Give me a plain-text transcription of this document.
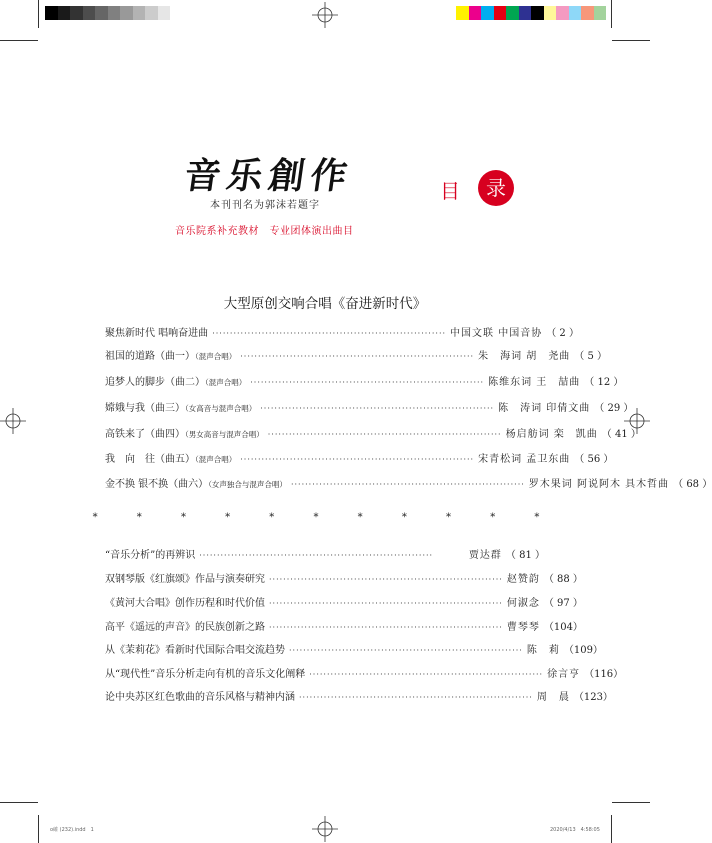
音乐創作
本刊刊名为郭沫若题字
音乐院系补充教材　专业团体演出曲目
目	录
大型原创交响合唱《奋进新时代》
聚焦新时代 唱响奋进曲 ·································································· 中国文联 中国音协 （ 2 ）
祖国的道路（曲一）（混声合唱） ·································································· 朱　海词 胡　尧曲 （ 5 ）
追梦人的脚步（曲二）（混声合唱） ·································································· 陈维东词 王　喆曲 （ 12 ）
嫦娥与我（曲三）（女高音与混声合唱） ·································································· 陈　涛词 印倩文曲 （ 29 ）
高铁来了（曲四）（男女高音与混声合唱） ·································································· 杨启舫词 栾　凯曲 （ 41 ）
我　向　往（曲五）（混声合唱） ·································································· 宋青松词 孟卫东曲 （ 56 ）
金不换 银不换（曲六）（女声独合与混声合唱） ·································································· 罗木果词 阿说阿木 具木哲曲 （ 68 ）
* * * * * * * * * * *
“音乐分析”的再辨识 ··································································	贾达群 （ 81 ）
双钢琴版《红旗颂》作品与演奏研究 ·································································· 赵赞韵 （ 88 ）
《黄河大合唱》创作历程和时代价值 ·································································· 何淑念 （ 97 ）
高平《遥远的声音》的民族创新之路 ·································································· 曹琴琴 （104）
从《茉莉花》看新时代国际合唱交流趋势 ·································································· 陈　莉 （109）
从“现代性”音乐分析走向有机的音乐文化阐释 ·································································· 徐言亨 （116）
论中央苏区红色歌曲的音乐风格与精神内涵 ·································································· 周　晨 （123）
o確 (232).indd　1	2020/4/13　4:58:05
